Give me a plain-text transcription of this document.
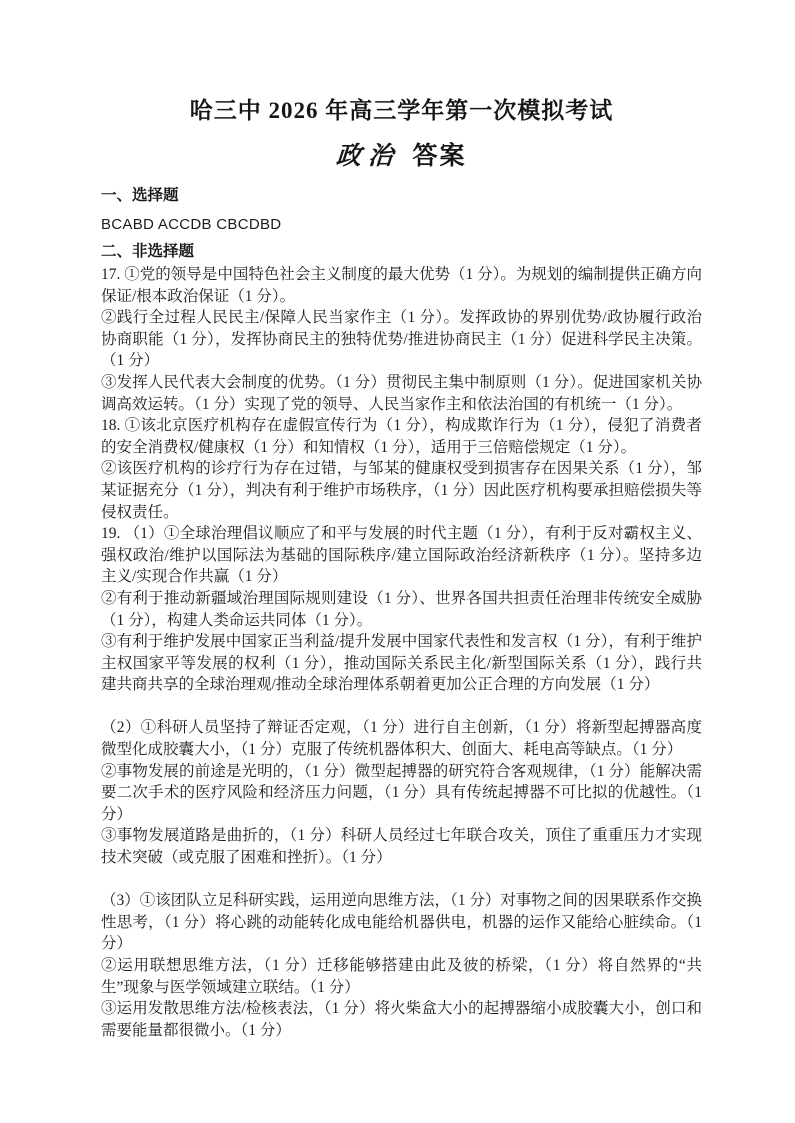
哈三中 2026 年高三学年第一次模拟考试
政治 答案
一、选择题

BCABD ACCDB CBCDBD

二、非选择题

17. ①党的领导是中国特色社会主义制度的最大优势（1 分）。为规划的编制提供正确方向保证/根本政治保证（1 分）。

②践行全过程人民民主/保障人民当家作主（1 分）。发挥政协的界别优势/政协履行政治协商职能（1 分），发挥协商民主的独特优势/推进协商民主（1 分）促进科学民主决策。（1 分）

③发挥人民代表大会制度的优势。（1 分）贯彻民主集中制原则（1 分）。促进国家机关协调高效运转。（1 分）实现了党的领导、人民当家作主和依法治国的有机统一（1 分）。

18. ①该北京医疗机构存在虚假宣传行为（1 分），构成欺诈行为（1 分），侵犯了消费者的安全消费权/健康权（1 分）和知情权（1 分），适用于三倍赔偿规定（1 分）。

②该医疗机构的诊疗行为存在过错，与邹某的健康权受到损害存在因果关系（1 分），邹某证据充分（1 分），判决有利于维护市场秩序，（1 分）因此医疗机构要承担赔偿损失等侵权责任。

19. （1）①全球治理倡议顺应了和平与发展的时代主题（1 分），有利于反对霸权主义、强权政治/维护以国际法为基础的国际秩序/建立国际政治经济新秩序（1 分）。坚持多边主义/实现合作共赢（1 分）

②有利于推动新疆域治理国际规则建设（1 分）、世界各国共担责任治理非传统安全威胁（1 分），构建人类命运共同体（1 分）。

③有利于维护发展中国家正当利益/提升发展中国家代表性和发言权（1 分），有利于维护主权国家平等发展的权利（1 分），推动国际关系民主化/新型国际关系（1 分），践行共建共商共享的全球治理观/推动全球治理体系朝着更加公正合理的方向发展（1 分）

（2）①科研人员坚持了辩证否定观，（1 分）进行自主创新，（1 分）将新型起搏器高度微型化成胶囊大小，（1 分）克服了传统机器体积大、创面大、耗电高等缺点。（1 分）

②事物发展的前途是光明的，（1 分）微型起搏器的研究符合客观规律，（1 分）能解决需要二次手术的医疗风险和经济压力问题，（1 分）具有传统起搏器不可比拟的优越性。（1 分）

③事物发展道路是曲折的，（1 分）科研人员经过七年联合攻关，顶住了重重压力才实现技术突破（或克服了困难和挫折）。（1 分）

（3）①该团队立足科研实践，运用逆向思维方法，（1 分）对事物之间的因果联系作交换性思考，（1 分）将心跳的动能转化成电能给机器供电，机器的运作又能给心脏续命。（1 分）

②运用联想思维方法，（1 分）迁移能够搭建由此及彼的桥梁，（1 分）将自然界的“共生”现象与医学领域建立联结。（1 分）

③运用发散思维方法/检核表法，（1 分）将火柴盒大小的起搏器缩小成胶囊大小，创口和需要能量都很微小。（1 分）
